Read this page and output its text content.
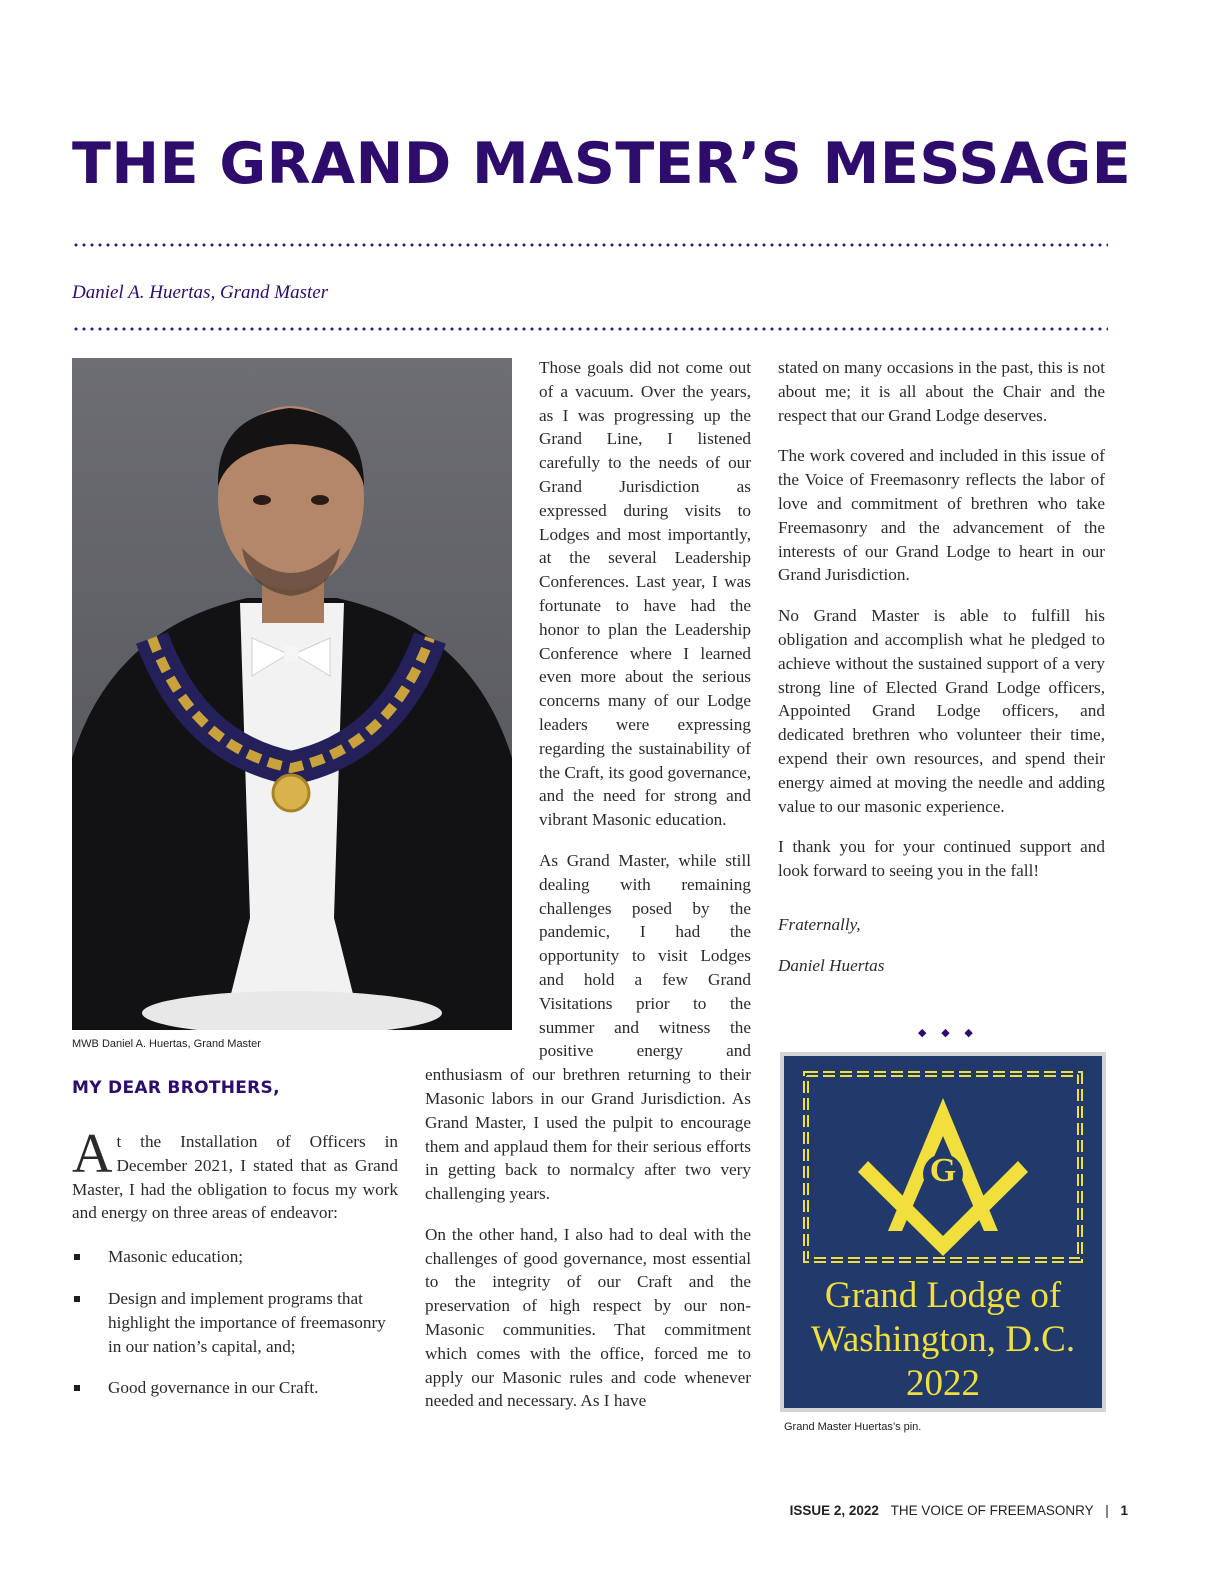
THE GRAND MASTER’S MESSAGE
Daniel A. Huertas, Grand Master
MWB Daniel A. Huertas, Grand Master
MY DEAR BROTHERS,

At the Installation of Officers in December 2021, I stated that as Grand Master, I had the obligation to focus my work and energy on three areas of endeavor:

Masonic education;
Design and implement programs that highlight the importance of freemasonry in our nation’s capital, and;
Good governance in our Craft.

Those goals did not come out of a vacuum. Over the years, as I was progressing up the Grand Line, I listened carefully to the needs of our Grand Jurisdiction as expressed during visits to Lodges and most importantly, at the several Leadership Conferences. Last year, I was fortunate to have had the honor to plan the Leadership Conference where I learned even more about the serious concerns many of our Lodge leaders were expressing regarding the sustainability of the Craft, its good governance, and the need for strong and vibrant Masonic education.

As Grand Master, while still dealing with remaining challenges posed by the pandemic, I had the opportunity to visit Lodges and hold a few Grand Visitations prior to the summer and witness the positive energy and enthusiasm of our brethren returning to their Masonic labors in our Grand Jurisdiction. As Grand Master, I used the pulpit to encourage them and applaud them for their serious efforts in getting back to normalcy after two very challenging years.

On the other hand, I also had to deal with the challenges of good governance, most essential to the integrity of our Craft and the preservation of high respect by our non-Masonic communities. That commitment which comes with the office, forced me to apply our Masonic rules and code whenever needed and necessary. As I have

stated on many occasions in the past, this is not about me; it is all about the Chair and the respect that our Grand Lodge deserves.

The work covered and included in this issue of the Voice of Freemasonry reflects the labor of love and commitment of brethren who take Freemasonry and the advancement of the interests of our Grand Lodge to heart in our Grand Jurisdiction.

No Grand Master is able to fulfill his obligation and accomplish what he pledged to achieve without the sustained support of a very strong line of Elected Grand Lodge officers, Appointed Grand Lodge officers, and dedicated brethren who volunteer their time, expend their own resources, and spend their energy aimed at moving the needle and adding value to our masonic experience.

I thank you for your continued support and look forward to seeing you in the fall!

Fraternally,

Daniel Huertas

◆ ◆ ◆
G
Grand Lodge of
Washington, D.C.
2022
Grand Master Huertas’s pin.
ISSUE 2, 2022 THE VOICE OF FREEMASONRY | 1
